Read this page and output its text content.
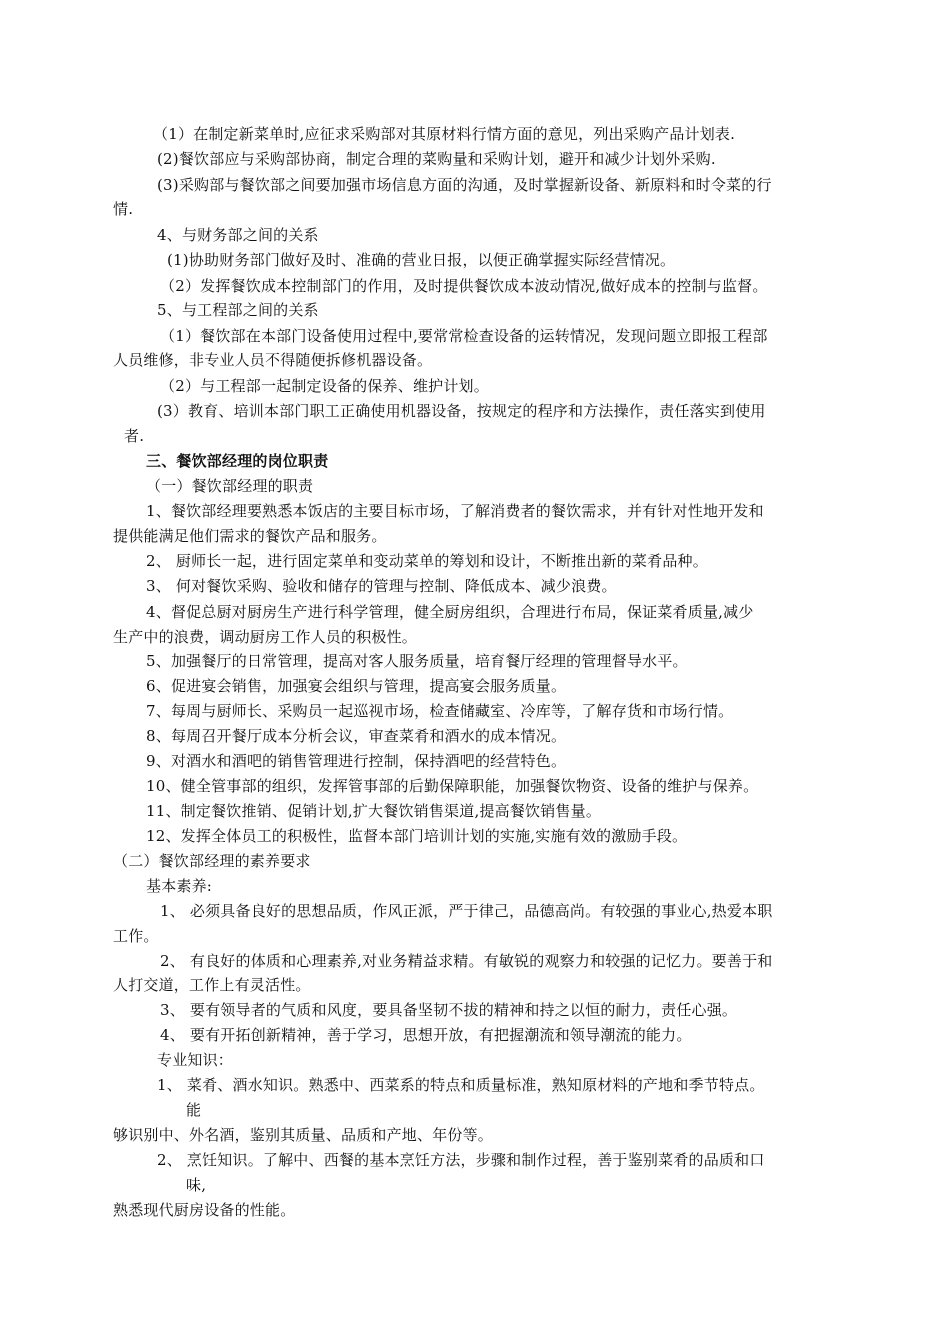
（1）在制定新菜单时,应征求采购部对其原材料行情方面的意见，列出采购产品计划表.
(2)餐饮部应与采购部协商，制定合理的菜购量和采购计划，避开和减少计划外采购.
(3)采购部与餐饮部之间要加强市场信息方面的沟通，及时掌握新设备、新原料和时令菜的行
情.
4、与财务部之间的关系
(1)协助财务部门做好及时、准确的营业日报，以便正确掌握实际经营情况。
（2）发挥餐饮成本控制部门的作用，及时提供餐饮成本波动情况,做好成本的控制与监督。
5、与工程部之间的关系
（1）餐饮部在本部门设备使用过程中,要常常检查设备的运转情况，发现问题立即报工程部
人员维修，非专业人员不得随便拆修机器设备。
（2）与工程部一起制定设备的保养、维护计划。
(3）教育、培训本部门职工正确使用机器设备，按规定的程序和方法操作，责任落实到使用
者.
三、餐饮部经理的岗位职责
（一）餐饮部经理的职责
1、餐饮部经理要熟悉本饭店的主要目标市场，了解消费者的餐饮需求，并有针对性地开发和
提供能满足他们需求的餐饮产品和服务。
2、 厨师长一起，进行固定菜单和变动菜单的筹划和设计，不断推出新的菜肴品种。
3、 何对餐饮采购、验收和储存的管理与控制、降低成本、减少浪费。
4、督促总厨对厨房生产进行科学管理，健全厨房组织，合理进行布局，保证菜肴质量,减少
生产中的浪费，调动厨房工作人员的积极性。
5、加强餐厅的日常管理，提高对客人服务质量，培育餐厅经理的管理督导水平。
6、促进宴会销售，加强宴会组织与管理，提高宴会服务质量。
7、每周与厨师长、采购员一起巡视市场，检查储藏室、冷库等，了解存货和市场行情。
8、每周召开餐厅成本分析会议，审查菜肴和酒水的成本情况。
9、对酒水和酒吧的销售管理进行控制，保持酒吧的经营特色。
10、健全管事部的组织，发挥管事部的后勤保障职能，加强餐饮物资、设备的维护与保养。
11、制定餐饮推销、促销计划,扩大餐饮销售渠道,提高餐饮销售量。
12、发挥全体员工的积极性，监督本部门培训计划的实施,实施有效的激励手段。
（二）餐饮部经理的素养要求
基本素养:
1、 必须具备良好的思想品质，作风正派，严于律己，品德高尚。有较强的事业心,热爱本职
工作。
2、 有良好的体质和心理素养,对业务精益求精。有敏锐的观察力和较强的记忆力。要善于和
人打交道，工作上有灵活性。
3、 要有领导者的气质和风度，要具备坚韧不拔的精神和持之以恒的耐力，责任心强。
4、 要有开拓创新精神，善于学习，思想开放，有把握潮流和领导潮流的能力。
专业知识：
1、 菜肴、酒水知识。熟悉中、西菜系的特点和质量标准，熟知原材料的产地和季节特点。
能
够识别中、外名酒，鉴别其质量、品质和产地、年份等。
2、 烹饪知识。了解中、西餐的基本烹饪方法，步骤和制作过程，善于鉴别菜肴的品质和口
味,
熟悉现代厨房设备的性能。
